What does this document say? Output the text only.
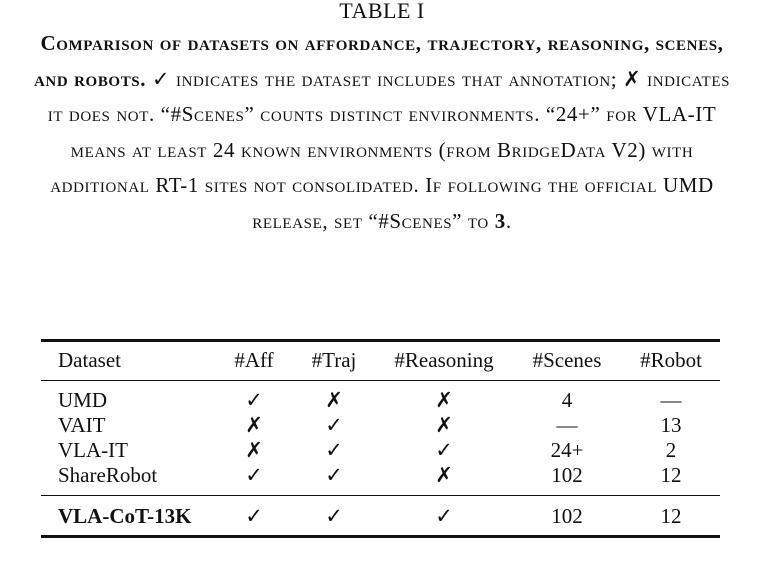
TABLE I
Comparison of datasets on affordance, trajectory, reasoning, scenes, and robots. ✓ indicates the dataset includes that annotation; ✗ indicates it does not. “#Scenes” counts distinct environments. “24+” for VLA-IT means at least 24 known environments (from BridgeData V2) with additional RT-1 sites not consolidated. If following the official UMD release, set “#Scenes” to 3.
Dataset	#Aff #Traj #Reasoning #Scenes #Robot
UMD	✓	✗	✗	4	—
VAIT	✗	✓	✗	—	13
VLA-IT	✗	✓	✓	24+	2
ShareRobot	✓	✓	✗	102	12
VLA-CoT-13K	✓	✓	✓	102	12
